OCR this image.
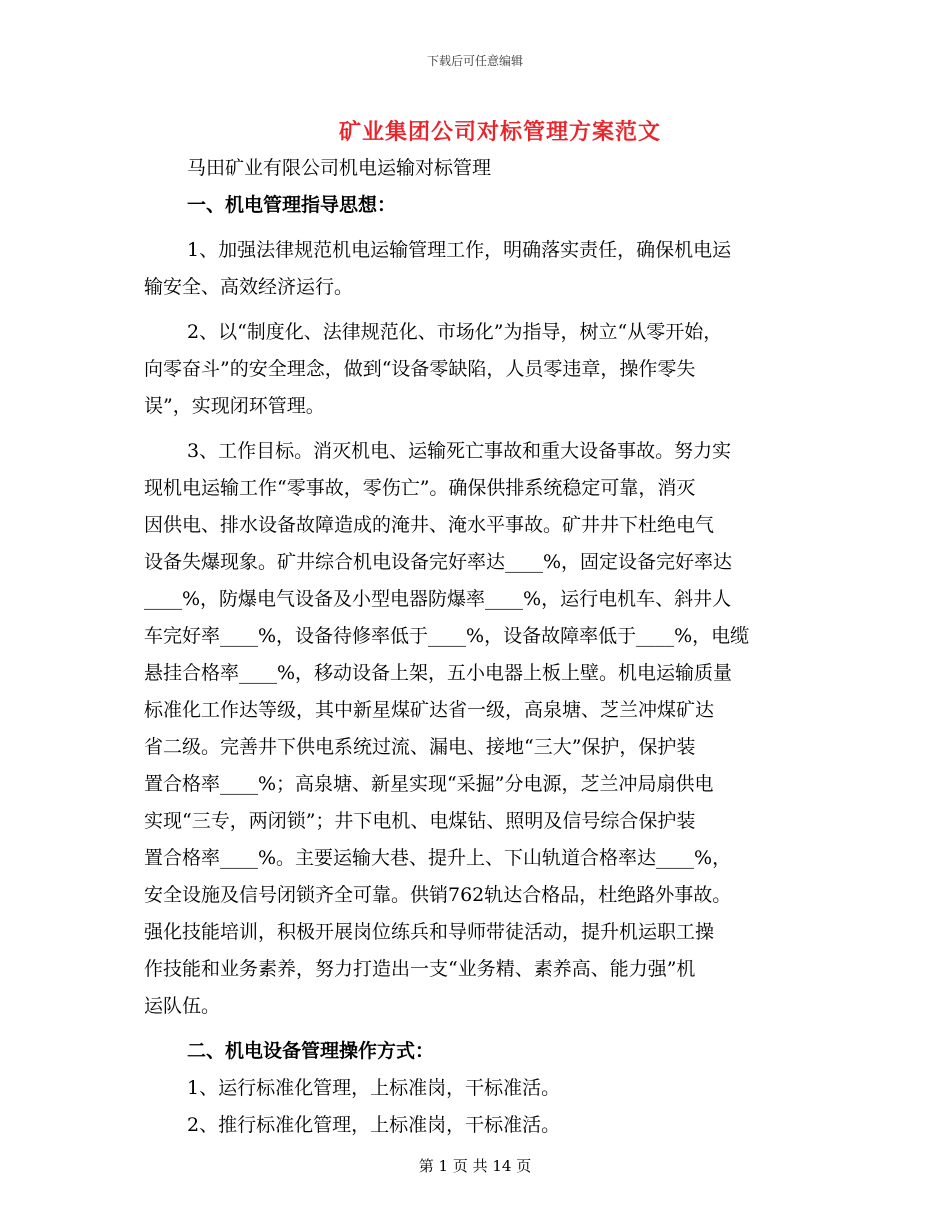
下载后可任意编辑
矿业集团公司对标管理方案范文
马田矿业有限公司机电运输对标管理
一、机电管理指导思想：
1、加强法律规范机电运输管理工作，明确落实责任，确保机电运
输安全、高效经济运行。
2、以“制度化、法律规范化、市场化”为指导，树立“从零开始，
向零奋斗”的安全理念，做到“设备零缺陷，人员零违章，操作零失
误”，实现闭环管理。
3、工作目标。消灭机电、运输死亡事故和重大设备事故。努力实
现机电运输工作“零事故，零伤亡”。确保供排系统稳定可靠，消灭
因供电、排水设备故障造成的淹井、淹水平事故。矿井井下杜绝电气
设备失爆现象。矿井综合机电设备完好率达____%，固定设备完好率达
____%，防爆电气设备及小型电器防爆率____%，运行电机车、斜井人
车完好率____%，设备待修率低于____%，设备故障率低于____%，电缆
悬挂合格率____%，移动设备上架，五小电器上板上壁。机电运输质量
标准化工作达等级，其中新星煤矿达省一级，高泉塘、芝兰冲煤矿达
省二级。完善井下供电系统过流、漏电、接地“三大”保护，保护装
置合格率____%；高泉塘、新星实现“采掘”分电源，芝兰冲局扇供电
实现“三专，两闭锁”；井下电机、电煤钻、照明及信号综合保护装
置合格率____%。主要运输大巷、提升上、下山轨道合格率达____%，
安全设施及信号闭锁齐全可靠。供销762轨达合格品，杜绝路外事故。
强化技能培训，积极开展岗位练兵和导师带徒活动，提升机运职工操
作技能和业务素养，努力打造出一支“业务精、素养高、能力强”机
运队伍。
二、机电设备管理操作方式：
1、运行标准化管理，上标准岗，干标准活。
2、推行标准化管理，上标准岗，干标准活。
第 1 页 共 14 页
